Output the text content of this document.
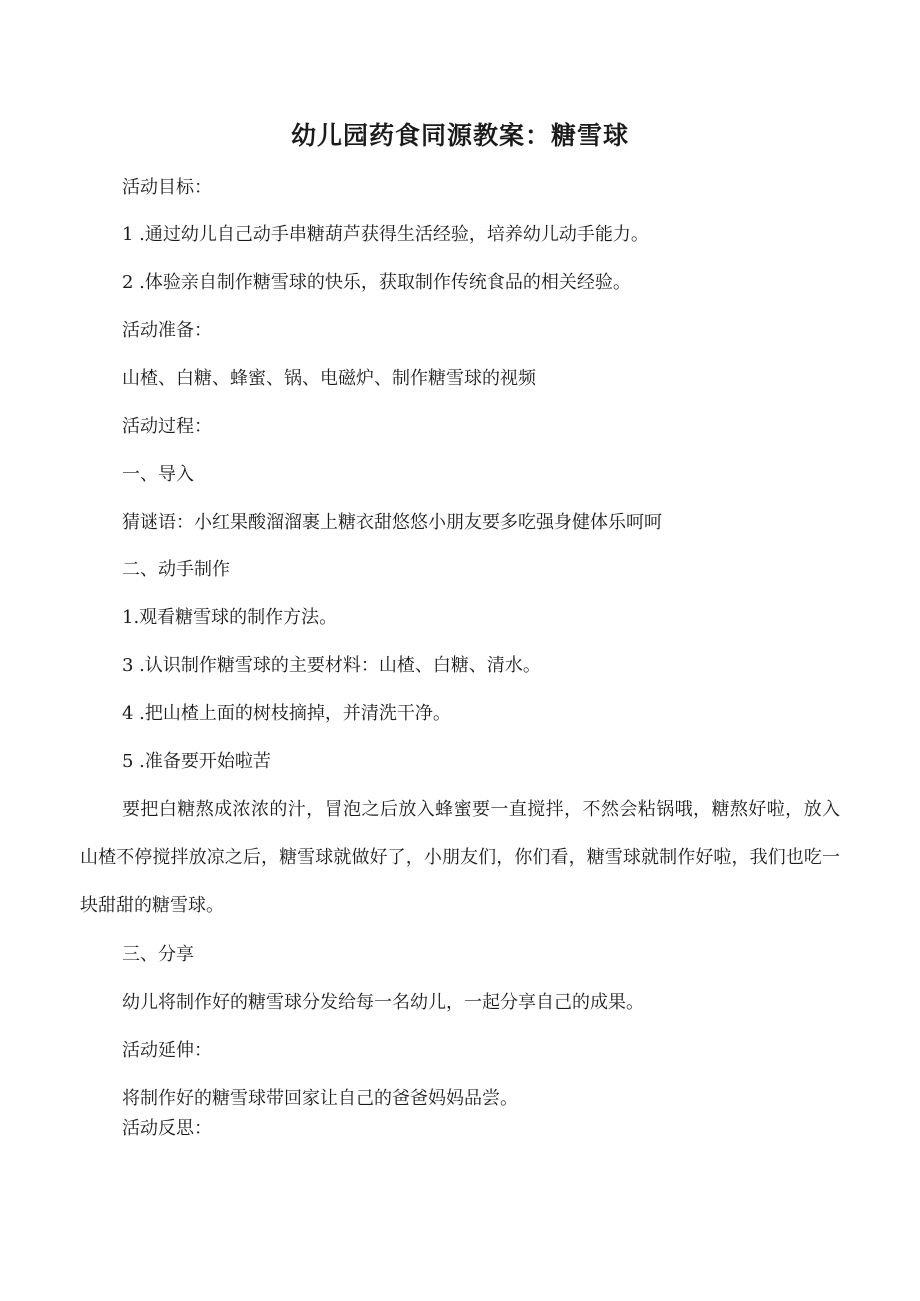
幼儿园药食同源教案：糖雪球
活动目标：
1 .通过幼儿自己动手串糖葫芦获得生活经验，培养幼儿动手能力。
2 .体验亲自制作糖雪球的快乐，获取制作传统食品的相关经验。
活动准备：
山楂、白糖、蜂蜜、锅、电磁炉、制作糖雪球的视频
活动过程：
一、导入
猜谜语：小红果酸溜溜裹上糖衣甜悠悠小朋友要多吃强身健体乐呵呵
二、动手制作
1.观看糖雪球的制作方法。
3 .认识制作糖雪球的主要材料：山楂、白糖、清水。
4 .把山楂上面的树枝摘掉，并清洗干净。
5 .准备要开始啦苦
要把白糖熬成浓浓的汁，冒泡之后放入蜂蜜要一直搅拌，不然会粘锅哦，糖熬好啦，放入山楂不停搅拌放凉之后，糖雪球就做好了，小朋友们，你们看，糖雪球就制作好啦，我们也吃一块甜甜的糖雪球。
三、分享
幼儿将制作好的糖雪球分发给每一名幼儿，一起分享自己的成果。
活动延伸：
将制作好的糖雪球带回家让自己的爸爸妈妈品尝。
活动反思：
